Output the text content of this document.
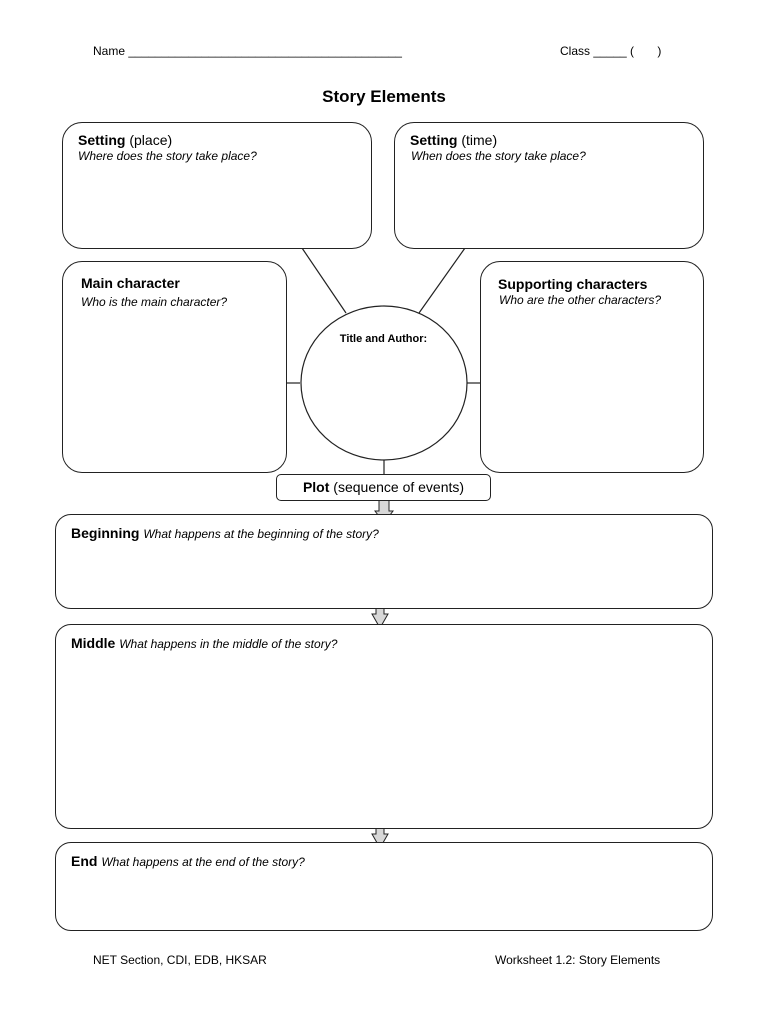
Name _________________________________________	Class _____ (       )
Story Elements
Setting (place)
Where does the story take place?
Setting (time)
When does the story take place?
Main character
Who is the main character?
Supporting characters
Who are the other characters?
Title and Author:
Plot (sequence of events)
Beginning What happens at the beginning of the story?
Middle What happens in the middle of the story?
End What happens at the end of the story?
NET Section, CDI, EDB, HKSAR	Worksheet 1.2: Story Elements
